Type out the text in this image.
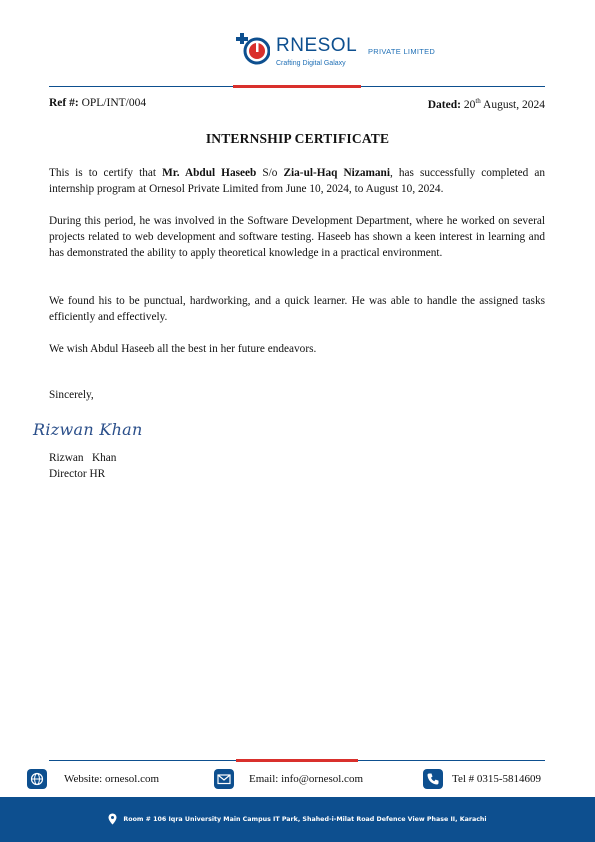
RNESOL PRIVATE LIMITED
Crafting Digital Galaxy
Ref #: OPL/INT/004	Dated: 20th August, 2024
INTERNSHIP CERTIFICATE
This is to certify that Mr. Abdul Haseeb S/o Zia-ul-Haq Nizamani, has successfully completed an internship program at Ornesol Private Limited from June 10, 2024, to August 10, 2024.
During this period, he was involved in the Software Development Department, where he worked on several projects related to web development and software testing. Haseeb has shown a keen interest in learning and has demonstrated the ability to apply theoretical knowledge in a practical environment.
We found his to be punctual, hardworking, and a quick learner. He was able to handle the assigned tasks efficiently and effectively.
We wish Abdul Haseeb all the best in her future endeavors.
Sincerely,
Rizwan Khan
Rizwan   Khan
Director HR
Website: ornesol.com	Email: info@ornesol.com	Tel # 0315-5814609
Room # 106 Iqra University Main Campus IT Park, Shahed-i-Milat Road Defence View Phase II, Karachi
